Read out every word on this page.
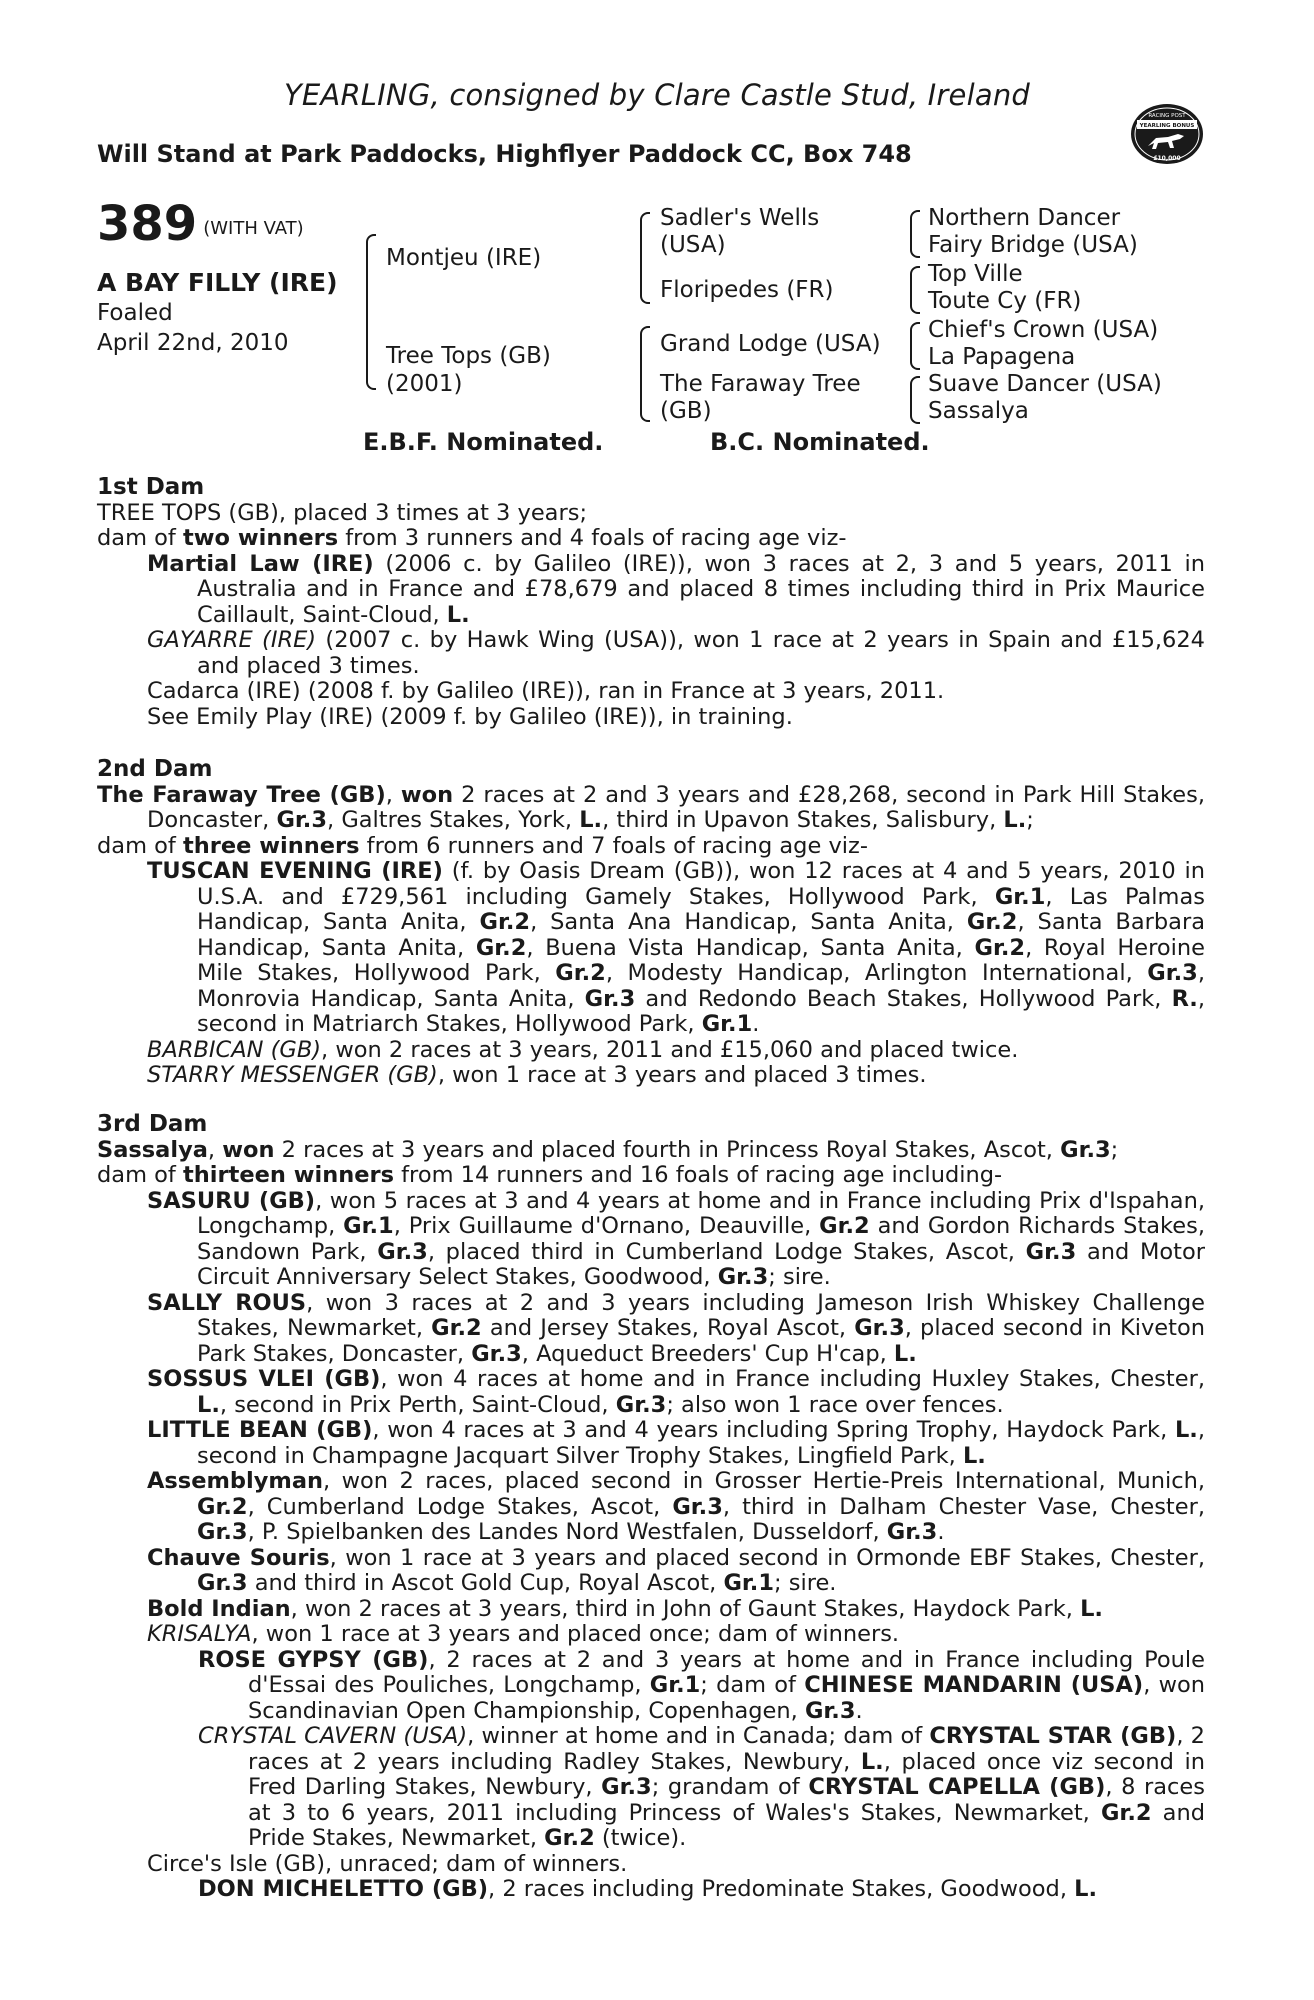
YEARLING, consigned by Clare Castle Stud, Ireland
Will Stand at Park Paddocks, Highflyer Paddock CC, Box 748
RACING POST
YEARLING BONUS
£10,000
389 (WITH VAT)
A BAY FILLY (IRE)
Foaled
April 22nd, 2010
Montjeu (IRE)
Tree Tops (GB)
(2001)
Sadler's Wells
(USA)
Floripedes (FR)
Grand Lodge (USA)
The Faraway Tree
(GB)
Northern Dancer
Fairy Bridge (USA)
Top Ville
Toute Cy (FR)
Chief's Crown (USA)
La Papagena
Suave Dancer (USA)
Sassalya
E.B.F. Nominated.	B.C. Nominated.
1st Dam
TREE TOPS (GB), placed 3 times at 3 years;
dam of two winners from 3 runners and 4 foals of racing age viz-
Martial Law (IRE) (2006 c. by Galileo (IRE)), won 3 races at 2, 3 and 5 years, 2011 in Australia and in France and £78,679 and placed 8 times including third in Prix Maurice Caillault, Saint-Cloud, L.
GAYARRE (IRE) (2007 c. by Hawk Wing (USA)), won 1 race at 2 years in Spain and £15,624 and placed 3 times.
Cadarca (IRE) (2008 f. by Galileo (IRE)), ran in France at 3 years, 2011.
See Emily Play (IRE) (2009 f. by Galileo (IRE)), in training.
2nd Dam
The Faraway Tree (GB), won 2 races at 2 and 3 years and £28,268, second in Park Hill Stakes, Doncaster, Gr.3, Galtres Stakes, York, L., third in Upavon Stakes, Salisbury, L.;
dam of three winners from 6 runners and 7 foals of racing age viz-
TUSCAN EVENING (IRE) (f. by Oasis Dream (GB)), won 12 races at 4 and 5 years, 2010 in U.S.A. and £729,561 including Gamely Stakes, Hollywood Park, Gr.1, Las Palmas Handicap, Santa Anita, Gr.2, Santa Ana Handicap, Santa Anita, Gr.2, Santa Barbara Handicap, Santa Anita, Gr.2, Buena Vista Handicap, Santa Anita, Gr.2, Royal Heroine Mile Stakes, Hollywood Park, Gr.2, Modesty Handicap, Arlington International, Gr.3, Monrovia Handicap, Santa Anita, Gr.3 and Redondo Beach Stakes, Hollywood Park, R., second in Matriarch Stakes, Hollywood Park, Gr.1.
BARBICAN (GB), won 2 races at 3 years, 2011 and £15,060 and placed twice.
STARRY MESSENGER (GB), won 1 race at 3 years and placed 3 times.
3rd Dam
Sassalya, won 2 races at 3 years and placed fourth in Princess Royal Stakes, Ascot, Gr.3;
dam of thirteen winners from 14 runners and 16 foals of racing age including-
SASURU (GB), won 5 races at 3 and 4 years at home and in France including Prix d'Ispahan, Longchamp, Gr.1, Prix Guillaume d'Ornano, Deauville, Gr.2 and Gordon Richards Stakes, Sandown Park, Gr.3, placed third in Cumberland Lodge Stakes, Ascot, Gr.3 and Motor Circuit Anniversary Select Stakes, Goodwood, Gr.3; sire.
SALLY ROUS, won 3 races at 2 and 3 years including Jameson Irish Whiskey Challenge Stakes, Newmarket, Gr.2 and Jersey Stakes, Royal Ascot, Gr.3, placed second in Kiveton Park Stakes, Doncaster, Gr.3, Aqueduct Breeders' Cup H'cap, L.
SOSSUS VLEI (GB), won 4 races at home and in France including Huxley Stakes, Chester, L., second in Prix Perth, Saint-Cloud, Gr.3; also won 1 race over fences.
LITTLE BEAN (GB), won 4 races at 3 and 4 years including Spring Trophy, Haydock Park, L., second in Champagne Jacquart Silver Trophy Stakes, Lingfield Park, L.
Assemblyman, won 2 races, placed second in Grosser Hertie-Preis International, Munich, Gr.2, Cumberland Lodge Stakes, Ascot, Gr.3, third in Dalham Chester Vase, Chester, Gr.3, P. Spielbanken des Landes Nord Westfalen, Dusseldorf, Gr.3.
Chauve Souris, won 1 race at 3 years and placed second in Ormonde EBF Stakes, Chester, Gr.3 and third in Ascot Gold Cup, Royal Ascot, Gr.1; sire.
Bold Indian, won 2 races at 3 years, third in John of Gaunt Stakes, Haydock Park, L.
KRISALYA, won 1 race at 3 years and placed once; dam of winners.
ROSE GYPSY (GB), 2 races at 2 and 3 years at home and in France including Poule d'Essai des Pouliches, Longchamp, Gr.1; dam of CHINESE MANDARIN (USA), won Scandinavian Open Championship, Copenhagen, Gr.3.
CRYSTAL CAVERN (USA), winner at home and in Canada; dam of CRYSTAL STAR (GB), 2 races at 2 years including Radley Stakes, Newbury, L., placed once viz second in Fred Darling Stakes, Newbury, Gr.3; grandam of CRYSTAL CAPELLA (GB), 8 races at 3 to 6 years, 2011 including Princess of Wales's Stakes, Newmarket, Gr.2 and Pride Stakes, Newmarket, Gr.2 (twice).
Circe's Isle (GB), unraced; dam of winners.
DON MICHELETTO (GB), 2 races including Predominate Stakes, Goodwood, L.
